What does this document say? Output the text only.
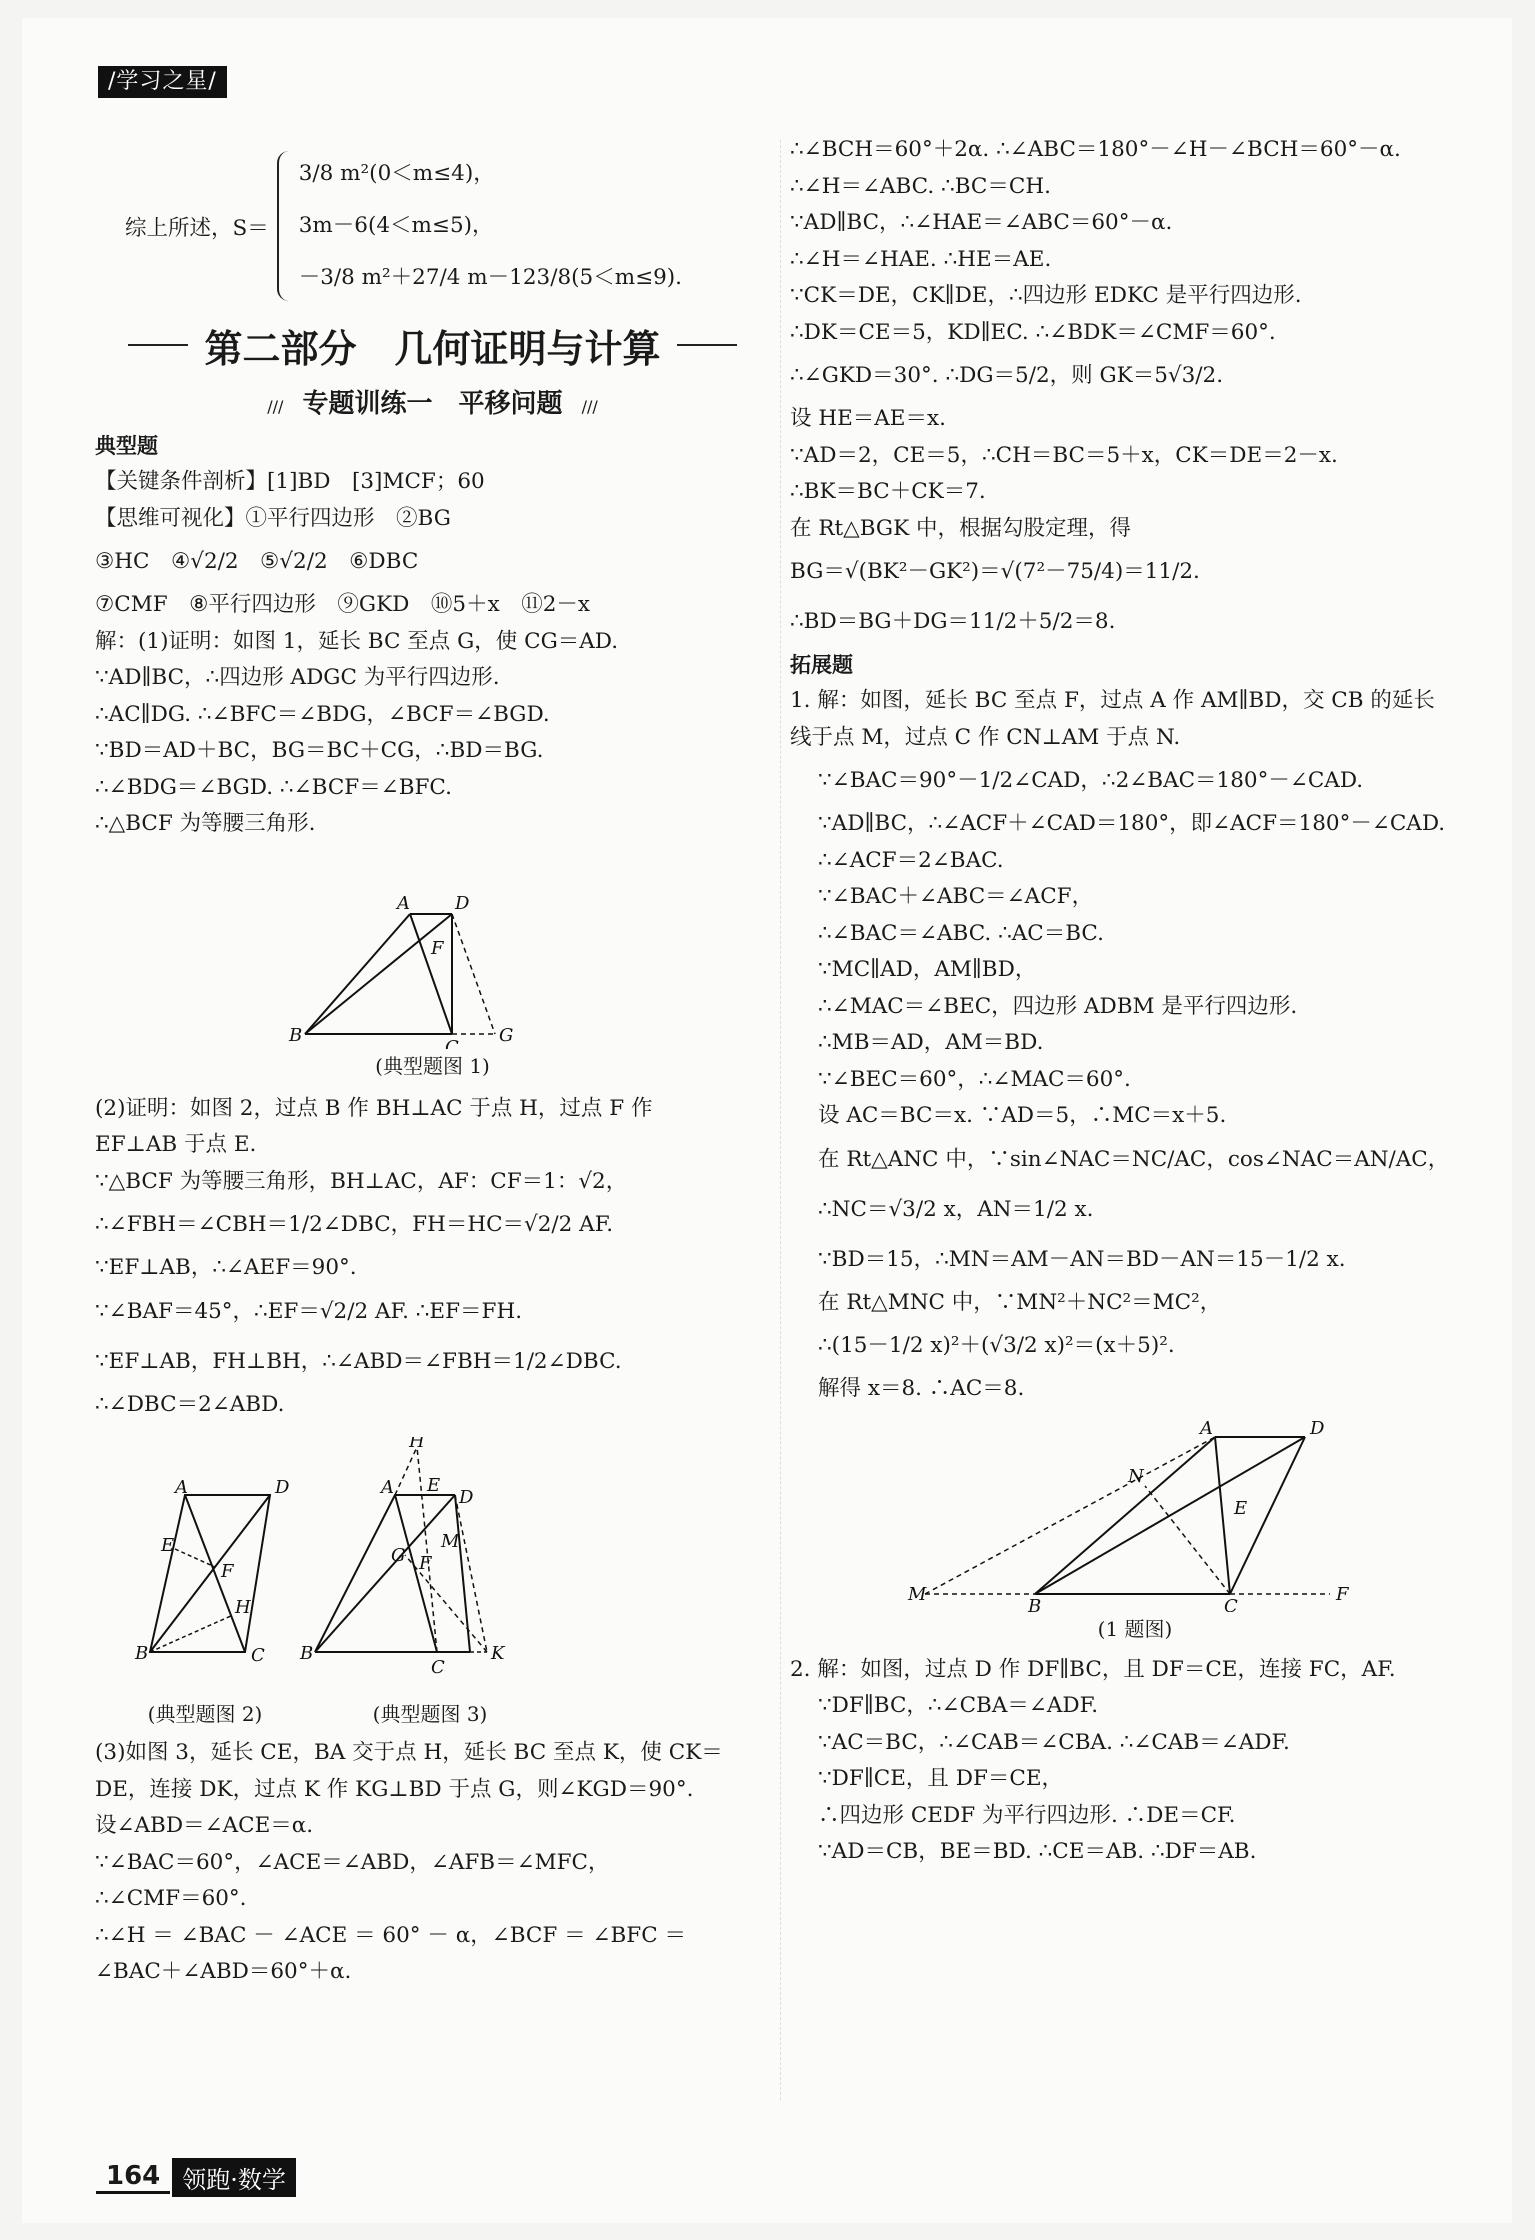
/学习之星/
综上所述，S＝
3/8 m²(0＜m≤4)，
3m－6(4＜m≤5)，
－3/8 m²＋27/4 m－123/8(5＜m≤9).
第二部分　几何证明与计算
/// 专题训练一　平移问题 ///
典型题
【关键条件剖析】[1]BD　[3]MCF；60
【思维可视化】①平行四边形　②BG
③HC　④√2/2　⑤√2/2　⑥DBC
⑦CMF　⑧平行四边形　⑨GKD　⑩5＋x　⑪2－x
解：(1)证明：如图 1，延长 BC 至点 G，使 CG＝AD.
∵AD∥BC，∴四边形 ADGC 为平行四边形.
∴AC∥DG. ∴∠BFC＝∠BDG，∠BCF＝∠BGD.
∵BD＝AD＋BC，BG＝BC＋CG，∴BD＝BG.
∴∠BDG＝∠BGD. ∴∠BCF＝∠BFC.
∴△BCF 为等腰三角形.
A	D
F
B
C
G
(典型题图 1)
(2)证明：如图 2，过点 B 作 BH⊥AC 于点 H，过点 F 作
EF⊥AB 于点 E.
∵△BCF 为等腰三角形，BH⊥AC，AF：CF＝1：√2，
∴∠FBH＝∠CBH＝1/2∠DBC，FH＝HC＝√2/2 AF.
∵EF⊥AB，∴∠AEF＝90°.
∵∠BAF＝45°，∴EF＝√2/2 AF. ∴EF＝FH.
∵EF⊥AB，FH⊥BH，∴∠ABD＝∠FBH＝1/2∠DBC.
∴∠DBC＝2∠ABD.
A	D
E
F
H
B	C
H
A E
D
M
G F
B
C
K
(典型题图 2)	(典型题图 3)
(3)如图 3，延长 CE，BA 交于点 H，延长 BC 至点 K，使 CK＝
DE，连接 DK，过点 K 作 KG⊥BD 于点 G，则∠KGD＝90°.
设∠ABD＝∠ACE＝α.
∵∠BAC＝60°，∠ACE＝∠ABD，∠AFB＝∠MFC，
∴∠CMF＝60°.
∴∠H ＝ ∠BAC － ∠ACE ＝ 60° － α，∠BCF ＝ ∠BFC ＝
∠BAC＋∠ABD＝60°＋α.
∴∠BCH＝60°＋2α. ∴∠ABC＝180°－∠H－∠BCH＝60°－α.
∴∠H＝∠ABC. ∴BC＝CH.
∵AD∥BC，∴∠HAE＝∠ABC＝60°－α.
∴∠H＝∠HAE. ∴HE＝AE.
∵CK＝DE，CK∥DE，∴四边形 EDKC 是平行四边形.
∴DK＝CE＝5，KD∥EC. ∴∠BDK＝∠CMF＝60°.
∴∠GKD＝30°. ∴DG＝5/2，则 GK＝5√3/2.
设 HE＝AE＝x.
∵AD＝2，CE＝5，∴CH＝BC＝5＋x，CK＝DE＝2－x.
∴BK＝BC＋CK＝7.
在 Rt△BGK 中，根据勾股定理，得
BG＝√(BK²－GK²)＝√(7²－75/4)＝11/2.
∴BD＝BG＋DG＝11/2＋5/2＝8.
拓展题
1. 解：如图，延长 BC 至点 F，过点 A 作 AM∥BD，交 CB 的延长
线于点 M，过点 C 作 CN⊥AM 于点 N.
∵∠BAC＝90°－1/2∠CAD，∴2∠BAC＝180°－∠CAD.
∵AD∥BC，∴∠ACF＋∠CAD＝180°，即∠ACF＝180°－∠CAD.
∴∠ACF＝2∠BAC.
∵∠BAC＋∠ABC＝∠ACF，
∴∠BAC＝∠ABC. ∴AC＝BC.
∵MC∥AD，AM∥BD，
∴∠MAC＝∠BEC，四边形 ADBM 是平行四边形.
∴MB＝AD，AM＝BD.
∵∠BEC＝60°，∴∠MAC＝60°.
设 AC＝BC＝x. ∵AD＝5，∴MC＝x＋5.
在 Rt△ANC 中，∵sin∠NAC＝NC/AC，cos∠NAC＝AN/AC，
∴NC＝√3/2 x，AN＝1/2 x.
∵BD＝15，∴MN＝AM－AN＝BD－AN＝15－1/2 x.
在 Rt△MNC 中，∵MN²＋NC²＝MC²，
∴(15－1/2 x)²＋(√3/2 x)²＝(x＋5)².
解得 x＝8. ∴AC＝8.
A	D
N
E
M
B	C
F
(1 题图)
2. 解：如图，过点 D 作 DF∥BC，且 DF＝CE，连接 FC，AF.
∵DF∥BC，∴∠CBA＝∠ADF.
∵AC＝BC，∴∠CAB＝∠CBA. ∴∠CAB＝∠ADF.
∵DF∥CE，且 DF＝CE，
∴四边形 CEDF 为平行四边形. ∴DE＝CF.
∵AD＝CB，BE＝BD. ∴CE＝AB. ∴DF＝AB.
164 领跑·数学
